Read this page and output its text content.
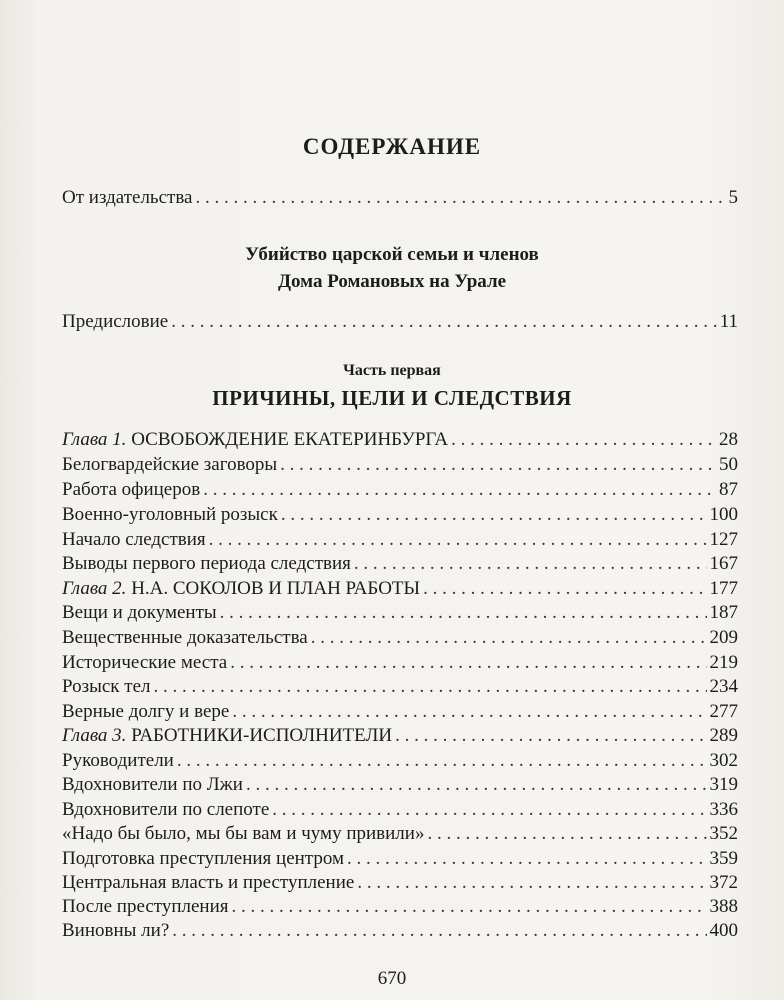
СОДЕРЖАНИЕ
От издательства . . .	5
Убийство царской семьи и членов
Дома Романовых на Урале
Предисловие . . .	11
Часть первая
ПРИЧИНЫ, ЦЕЛИ И СЛЕДСТВИЯ
Глава 1. ОСВОБОЖДЕНИЕ ЕКАТЕРИНБУРГА . . .	28
Белогвардейские заговоры . . .	50
Работа офицеров . . .	87
Военно-уголовный розыск . . .	100
Начало следствия . . .	127
Выводы первого периода следствия . . .	167
Глава 2. Н.А. СОКОЛОВ И ПЛАН РАБОТЫ . . .	177
Вещи и документы . . .	187
Вещественные доказательства . . .	209
Исторические места . . .	219
Розыск тел . . .	234
Верные долгу и вере . . .	277
Глава 3. РАБОТНИКИ-ИСПОЛНИТЕЛИ . . .	289
Руководители . . .	302
Вдохновители по Лжи . . .	319
Вдохновители по слепоте . . .	336
«Надо бы было, мы бы вам и чуму привили» . . .	352
Подготовка преступления центром . . .	359
Центральная власть и преступление . . .	372
После преступления . . .	388
Виновны ли? . . .	400
670
